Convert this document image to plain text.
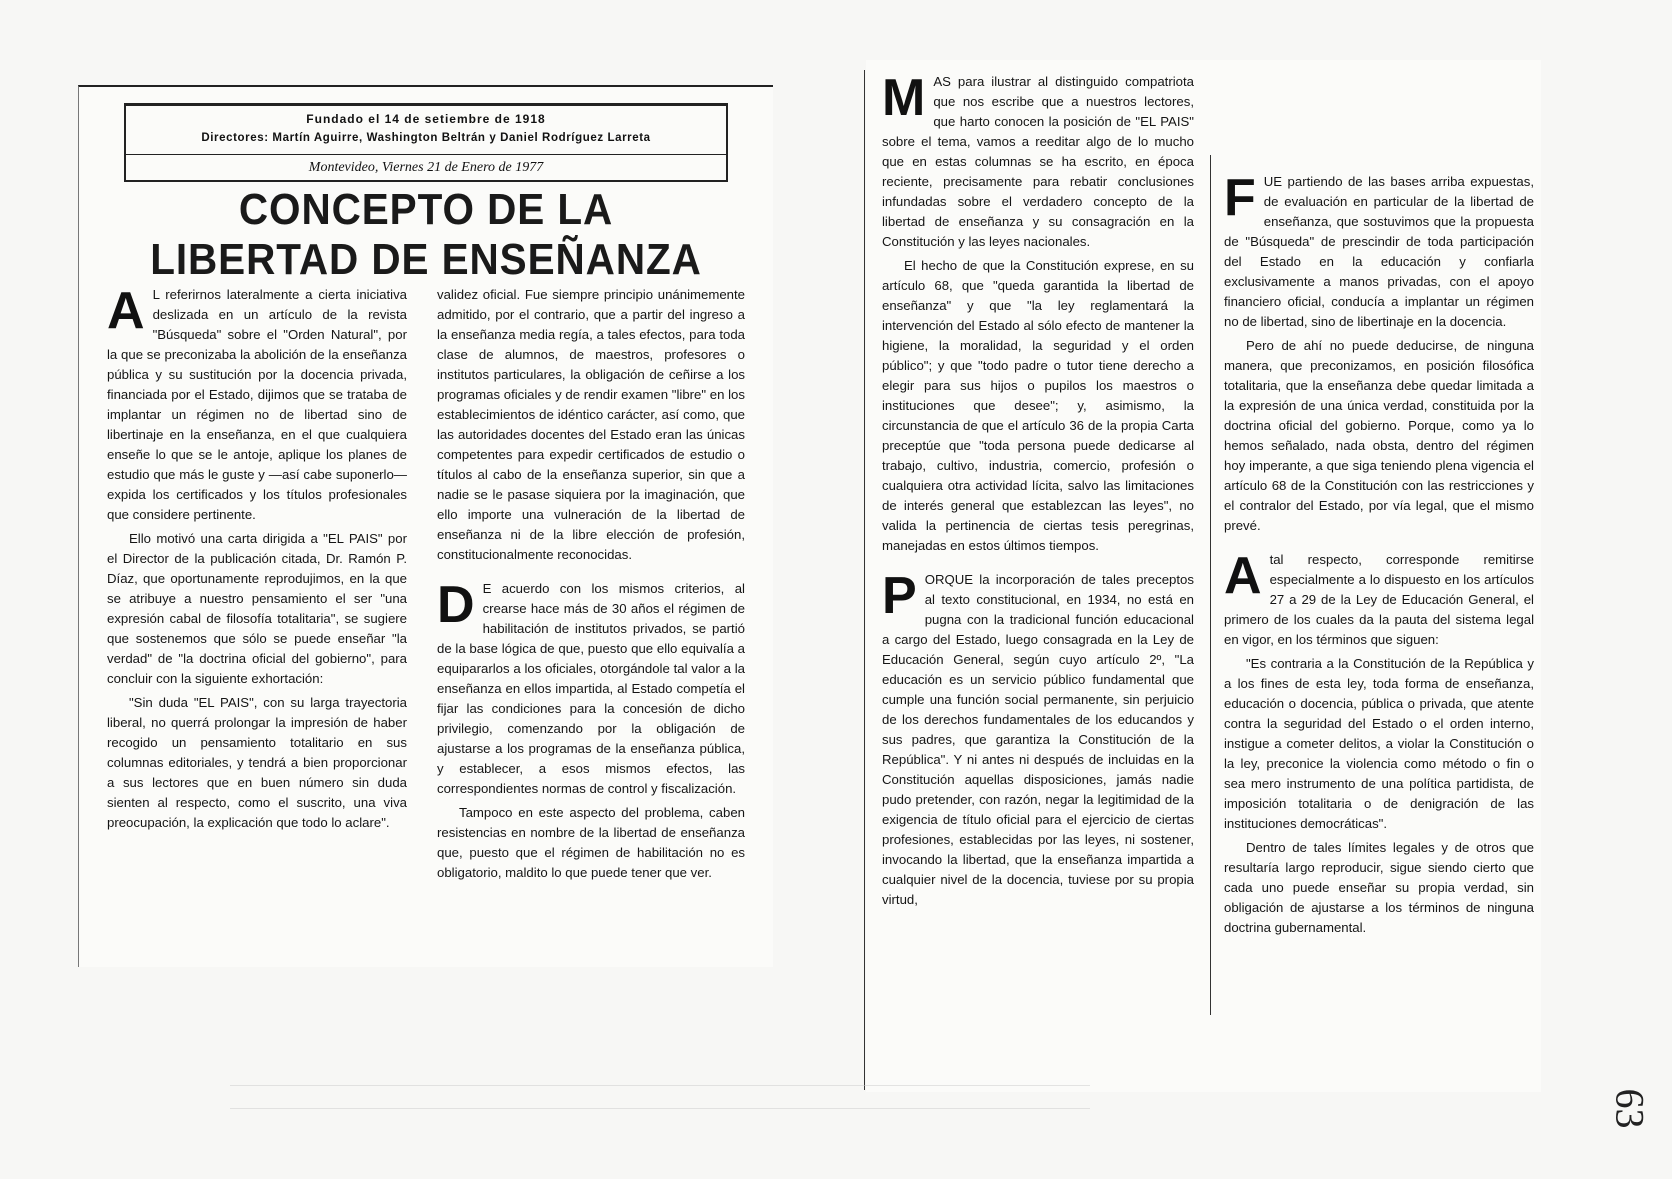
Fundado el 14 de setiembre de 1918
Directores: Martín Aguirre, Washington Beltrán y Daniel Rodríguez Larreta
Montevideo, Viernes 21 de Enero de 1977
CONCEPTO DE LA
LIBERTAD DE ENSEÑANZA

A L referirnos lateralmente a cierta iniciativa deslizada en un artículo de la revista "Búsqueda" sobre el "Orden Natural", por la que se preconizaba la abolición de la enseñanza pública y su sustitución por la docencia privada, financiada por el Estado, dijimos que se trataba de implantar un régimen no de libertad sino de libertinaje en la enseñanza, en el que cualquiera enseñe lo que se le antoje, aplique los planes de estudio que más le guste y —así cabe suponerlo— expida los certificados y los títulos profesionales que considere pertinente.

Ello motivó una carta dirigida a "EL PAIS" por el Director de la publicación citada, Dr. Ramón P. Díaz, que oportunamente reprodujimos, en la que se atribuye a nuestro pensamiento el ser "una expresión cabal de filosofía totalitaria", se sugiere que sostenemos que sólo se puede enseñar "la verdad" de "la doctrina oficial del gobierno", para concluir con la siguiente exhortación:

"Sin duda "EL PAIS", con su larga trayectoria liberal, no querrá prolongar la impresión de haber recogido un pensamiento totalitario en sus columnas editoriales, y tendrá a bien proporcionar a sus lectores que en buen número sin duda sienten al respecto, como el suscrito, una viva preocupación, la explicación que todo lo aclare".

validez oficial. Fue siempre principio unánimemente admitido, por el contrario, que a partir del ingreso a la enseñanza media regía, a tales efectos, para toda clase de alumnos, de maestros, profesores o institutos particulares, la obligación de ceñirse a los programas oficiales y de rendir examen "libre" en los establecimientos de idéntico carácter, así como, que las autoridades docentes del Estado eran las únicas competentes para expedir certificados de estudio o títulos al cabo de la enseñanza superior, sin que a nadie se le pasase siquiera por la imaginación, que ello importe una vulneración de la libertad de enseñanza ni de la libre elección de profesión, constitucionalmente reconocidas.

D E acuerdo con los mismos criterios, al crearse hace más de 30 años el régimen de habilitación de institutos privados, se partió de la base lógica de que, puesto que ello equivalía a equipararlos a los oficiales, otorgándole tal valor a la enseñanza en ellos impartida, al Estado competía el fijar las condiciones para la concesión de dicho privilegio, comenzando por la obligación de ajustarse a los programas de la enseñanza pública, y establecer, a esos mismos efectos, las correspondientes normas de control y fiscalización.

Tampoco en este aspecto del problema, caben resistencias en nombre de la libertad de enseñanza que, puesto que el régimen de habilitación no es obligatorio, maldito lo que puede tener que ver.

MAS para ilustrar al distinguido compatriota que nos escribe que a nuestros lectores, que harto conocen la posición de "EL PAIS" sobre el tema, vamos a reeditar algo de lo mucho que en estas columnas se ha escrito, en época reciente, precisamente para rebatir conclusiones infundadas sobre el verdadero concepto de la libertad de enseñanza y su consagración en la Constitución y las leyes nacionales.

El hecho de que la Constitución exprese, en su artículo 68, que "queda garantida la libertad de enseñanza" y que "la ley reglamentará la intervención del Estado al sólo efecto de mantener la higiene, la moralidad, la seguridad y el orden público"; y que "todo padre o tutor tiene derecho a elegir para sus hijos o pupilos los maestros o instituciones que desee"; y, asimismo, la circunstancia de que el artículo 36 de la propia Carta preceptúe que "toda persona puede dedicarse al trabajo, cultivo, industria, comercio, profesión o cualquiera otra actividad lícita, salvo las limitaciones de interés general que establezcan las leyes", no valida la pertinencia de ciertas tesis peregrinas, manejadas en estos últimos tiempos.

PORQUE la incorporación de tales preceptos al texto constitucional, en 1934, no está en pugna con la tradicional función educacional a cargo del Estado, luego consagrada en la Ley de Educación General, según cuyo artículo 2º, "La educación es un servicio público fundamental que cumple una función social permanente, sin perjuicio de los derechos fundamentales de los educandos y sus padres, que garantiza la Constitución de la República". Y ni antes ni después de incluidas en la Constitución aquellas disposiciones, jamás nadie pudo pretender, con razón, negar la legitimidad de la exigencia de título oficial para el ejercicio de ciertas profesiones, establecidas por las leyes, ni sostener, invocando la libertad, que la enseñanza impartida a cualquier nivel de la docencia, tuviese por su propia virtud,

FUE partiendo de las bases arriba expuestas, de evaluación en particular de la libertad de enseñanza, que sostuvimos que la propuesta de "Búsqueda" de prescindir de toda participación del Estado en la educación y confiarla exclusivamente a manos privadas, con el apoyo financiero oficial, conducía a implantar un régimen no de libertad, sino de libertinaje en la docencia.

Pero de ahí no puede deducirse, de ninguna manera, que preconizamos, en posición filosófica totalitaria, que la enseñanza debe quedar limitada a la expresión de una única verdad, constituida por la doctrina oficial del gobierno. Porque, como ya lo hemos señalado, nada obsta, dentro del régimen hoy imperante, a que siga teniendo plena vigencia el artículo 68 de la Constitución con las restricciones y el contralor del Estado, por vía legal, que el mismo prevé.

Atal respecto, corresponde remitirse especialmente a lo dispuesto en los artículos 27 a 29 de la Ley de Educación General, el primero de los cuales da la pauta del sistema legal en vigor, en los términos que siguen:

"Es contraria a la Constitución de la República y a los fines de esta ley, toda forma de enseñanza, educación o docencia, pública o privada, que atente contra la seguridad del Estado o el orden interno, instigue a cometer delitos, a violar la Constitución o la ley, preconice la violencia como método o fin o sea mero instrumento de una política partidista, de imposición totalitaria o de denigración de las instituciones democráticas".

Dentro de tales límites legales y de otros que resultaría largo reproducir, sigue siendo cierto que cada uno puede enseñar su propia verdad, sin obligación de ajustarse a los términos de ninguna doctrina gubernamental.

63
